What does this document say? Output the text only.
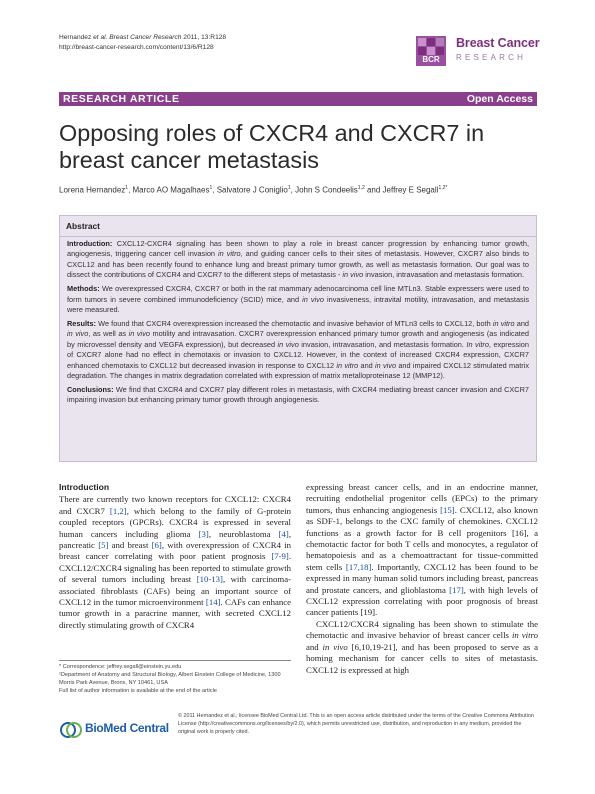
Hernandez et al. Breast Cancer Research 2011, 13:R128
http://breast-cancer-research.com/content/13/6/R128
BCR
Breast Cancer
RESEARCH
RESEARCH ARTICLE	Open Access
Opposing roles of CXCR4 and CXCR7 in breast cancer metastasis
Lorena Hernandez$^1$, Marco AO Magalhaes$^1$, Salvatore J Coniglio$^1$, John S Condeelis$^{1,2}$ and Jeffrey E Segall$^{1,2*}$
Abstract

Introduction: CXCL12-CXCR4 signaling has been shown to play a role in breast cancer progression by enhancing tumor growth, angiogenesis, triggering cancer cell invasion in vitro, and guiding cancer cells to their sites of metastasis. However, CXCR7 also binds to CXCL12 and has been recently found to enhance lung and breast primary tumor growth, as well as metastasis formation. Our goal was to dissect the contributions of CXCR4 and CXCR7 to the different steps of metastasis - in vivo invasion, intravasation and metastasis formation.

Methods: We overexpressed CXCR4, CXCR7 or both in the rat mammary adenocarcinoma cell line MTLn3. Stable expressers were used to form tumors in severe combined immunodeficiency (SCID) mice, and in vivo invasiveness, intravital motility, intravasation, and metastasis were measured.

Results: We found that CXCR4 overexpression increased the chemotactic and invasive behavior of MTLn3 cells to CXCL12, both in vitro and in vivo, as well as in vivo motility and intravasation. CXCR7 overexpression enhanced primary tumor growth and angiogenesis (as indicated by microvessel density and VEGFA expression), but decreased in vivo invasion, intravasation, and metastasis formation. In vitro, expression of CXCR7 alone had no effect in chemotaxis or invasion to CXCL12. However, in the context of increased CXCR4 expression, CXCR7 enhanced chemotaxis to CXCL12 but decreased invasion in response to CXCL12 in vitro and in vivo and impaired CXCL12 stimulated matrix degradation. The changes in matrix degradation correlated with expression of matrix metalloproteinase 12 (MMP12).

Conclusions: We find that CXCR4 and CXCR7 play different roles in metastasis, with CXCR4 mediating breast cancer invasion and CXCR7 impairing invasion but enhancing primary tumor growth through angiogenesis.

Introduction

There are currently two known receptors for CXCL12: CXCR4 and CXCR7 [1,2], which belong to the family of G-protein coupled receptors (GPCRs). CXCR4 is expressed in several human cancers including glioma [3], neuroblastoma [4], pancreatic [5] and breast [6], with overexpression of CXCR4 in breast cancer correlating with poor patient prognosis [7-9]. CXCL12/CXCR4 signaling has been reported to stimulate growth of several tumors including breast [10-13], with carcinoma-associated fibroblasts (CAFs) being an important source of CXCL12 in the tumor microenvironment [14]. CAFs can enhance tumor growth in a paracrine manner, with secreted CXCL12 directly stimulating growth of CXCR4

expressing breast cancer cells, and in an endocrine manner, recruiting endothelial progenitor cells (EPCs) to the primary tumors, thus enhancing angiogenesis [15]. CXCL12, also known as SDF-1, belongs to the CXC family of chemokines. CXCL12 functions as a growth factor for B cell progenitors [16], a chemotactic factor for both T cells and monocytes, a regulator of hematopoiesis and as a chemoattractant for tissue-committed stem cells [17,18]. Importantly, CXCL12 has been found to be expressed in many human solid tumors including breast, pancreas and prostate cancers, and glioblastoma [17], with high levels of CXCL12 expression correlating with poor prognosis of breast cancer patients [19].

CXCL12/CXCR4 signaling has been shown to stimulate the chemotactic and invasive behavior of breast cancer cells in vitro and in vivo [6,10,19-21], and has been proposed to serve as a homing mechanism for cancer cells to sites of metastasis. CXCL12 is expressed at high

* Correspondence: jeffrey.segall@einstein.yu.edu

¹Department of Anatomy and Structural Biology, Albert Einstein College of Medicine, 1300 Morris Park Avenue, Bronx, NY 10461, USA

Full list of author information is available at the end of the article

BioMed Central

© 2011 Hernandez et al.; licensee BioMed Central Ltd. This is an open access article distributed under the terms of the Creative Commons Attribution License (http://creativecommons.org/licenses/by/2.0), which permits unrestricted use, distribution, and reproduction in any medium, provided the original work is properly cited.
